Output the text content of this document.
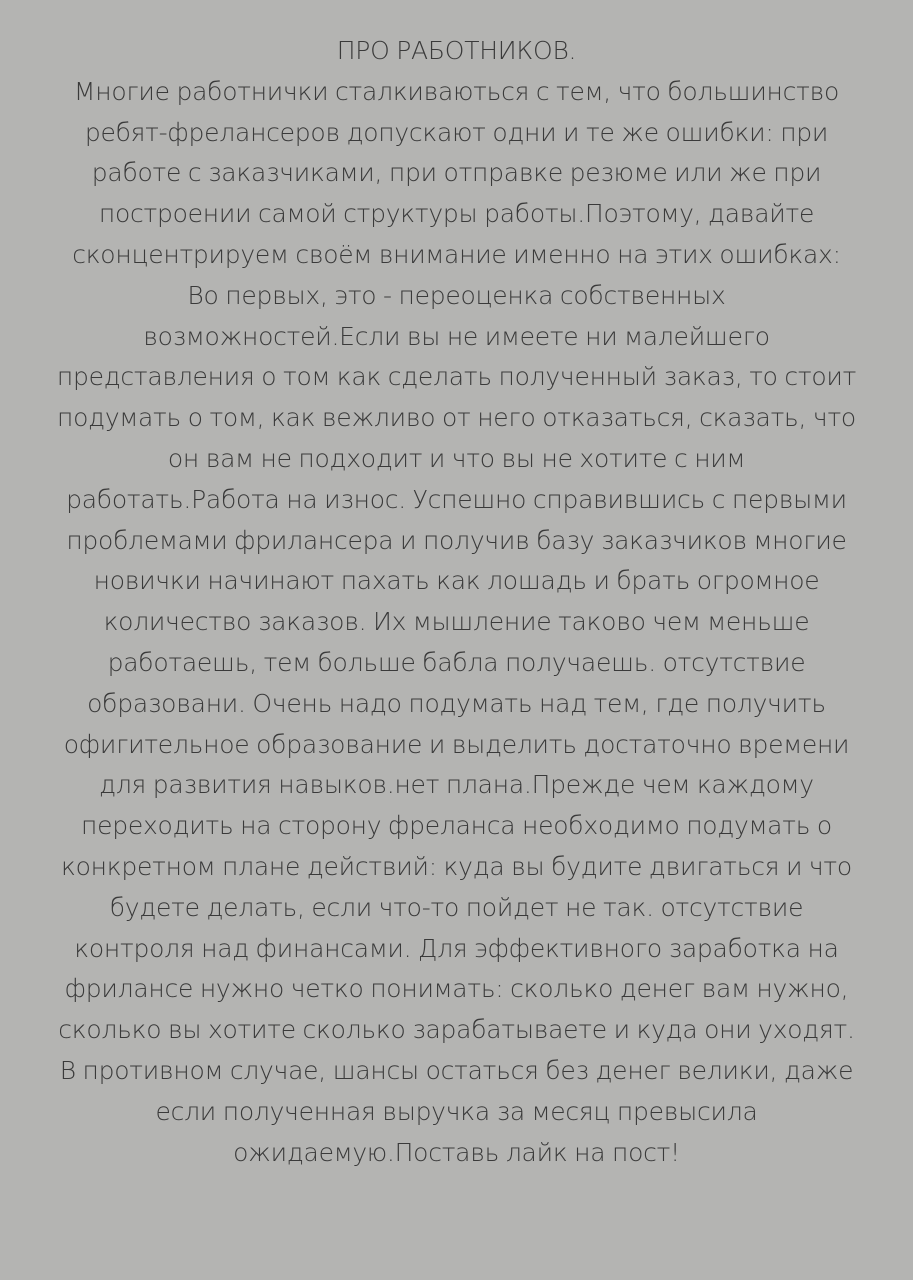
ПРО РАБОТНИКОВ.
Многие работнички сталкиваються с тем, что большинство
ребят-фрелансеров допускают одни и те же ошибки: при
работе с заказчиками, при отправке резюме или же при
построении самой структуры работы.Поэтому, давайте
сконцентрируем своём внимание именно на этих ошибках:
Во первых, это - переоценка собственных
возможностей.Если вы не имеете ни малейшего
представления о том как сделать полученный заказ, то стоит
подумать о том, как вежливо от него отказаться, сказать, что
он вам не подходит и что вы не хотите с ним
работать.Работа на износ. Успешно справившись с первыми
проблемами фрилансера и получив базу заказчиков многие
новички начинают пахать как лошадь и брать огромное
количество заказов. Их мышление таково чем меньше
работаешь, тем больше бабла получаешь. отсутствие
образовани. Очень надо подумать над тем, где получить
офигительное образование и выделить достаточно времени
для развития навыков.нет плана.Прежде чем каждому
переходить на сторону фреланса необходимо подумать о
конкретном плане действий: куда вы будите двигаться и что
будете делать, если что-то пойдет не так. отсутствие
контроля над финансами. Для эффективного заработка на
фрилансе нужно четко понимать: сколько денег вам нужно,
сколько вы хотите сколько зарабатываете и куда они уходят.
В противном случае, шансы остаться без денег велики, даже
если полученная выручка за месяц превысила
ожидаемую.Поставь лайк на пост!
